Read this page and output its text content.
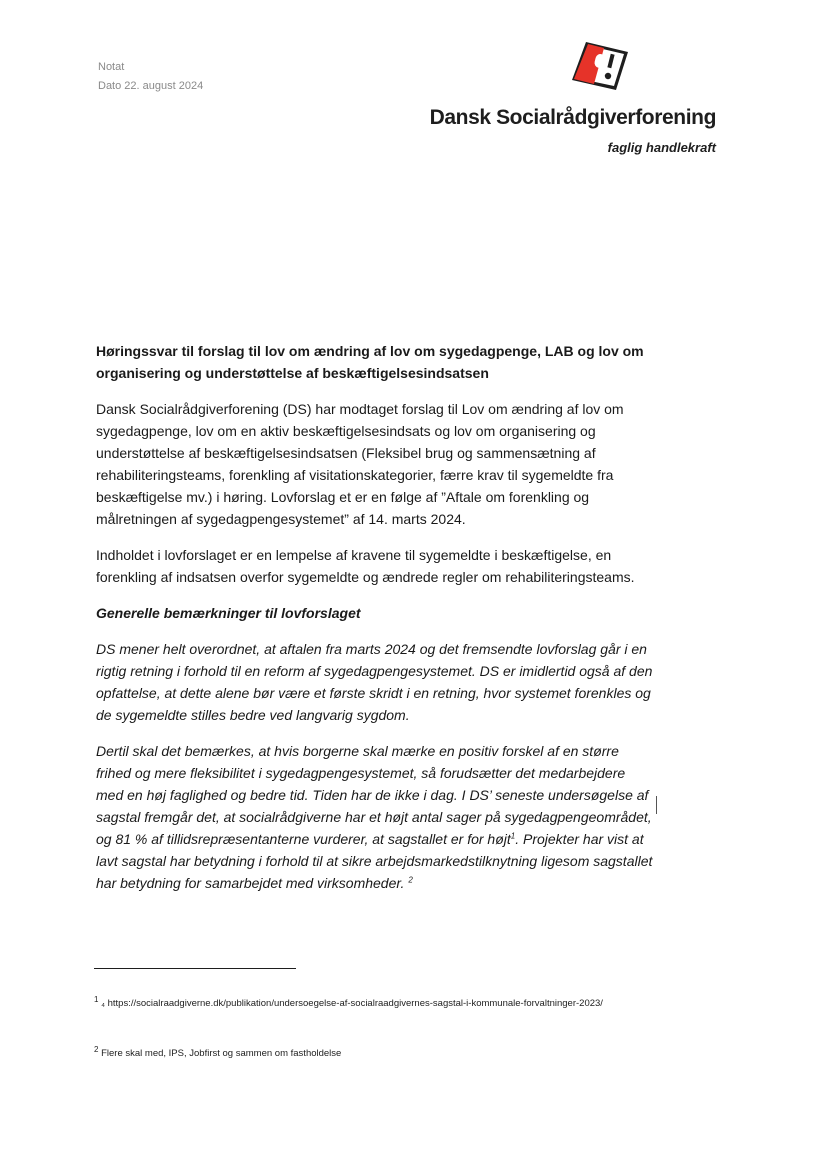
Notat
Dato 22. august 2024
Dansk Socialrådgiverforening
faglig handlekraft
Høringssvar til forslag til lov om ændring af lov om sygedagpenge, LAB og lov om organisering og understøttelse af beskæftigelsesindsatsen

Dansk Socialrådgiverforening (DS) har modtaget forslag til Lov om ændring af lov om sygedagpenge, lov om en aktiv beskæftigelsesindsats og lov om organisering og understøttelse af beskæftigelsesindsatsen (Fleksibel brug og sammensætning af rehabiliteringsteams, forenkling af visitationskategorier, færre krav til sygemeldte fra beskæftigelse mv.) i høring. Lovforslag et er en følge af ”Aftale om forenkling og målretningen af sygedagpengesystemet” af 14. marts 2024.

Indholdet i lovforslaget er en lempelse af kravene til sygemeldte i beskæftigelse, en forenkling af indsatsen overfor sygemeldte og ændrede regler om rehabiliteringsteams.

Generelle bemærkninger til lovforslaget

DS mener helt overordnet, at aftalen fra marts 2024 og det fremsendte lovforslag går i en rigtig retning i forhold til en reform af sygedagpengesystemet. DS er imidlertid også af den opfattelse, at dette alene bør være et første skridt i en retning, hvor systemet forenkles og de sygemeldte stilles bedre ved langvarig sygdom.

Dertil skal det bemærkes, at hvis borgerne skal mærke en positiv forskel af en større frihed og mere fleksibilitet i sygedagpengesystemet, så forudsætter det medarbejdere med en høj faglighed og bedre tid. Tiden har de ikke i dag. I DS’ seneste undersøgelse af sagstal fremgår det, at socialrådgiverne har et højt antal sager på sygedagpengeområdet, og 81 % af tillidsrepræsentanterne vurderer, at sagstallet er for højt$^1$. Projekter har vist at lavt sagstal har betydning i forhold til at sikre arbejdsmarkedstilknytning ligesom sagstallet har betydning for samarbejdet med virksomheder. $^2$

$^1$ ₄ https://socialraadgiverne.dk/publikation/undersoegelse-af-socialraadgivernes-sagstal-i-kommunale-forvaltninger-2023/
$^2$ Flere skal med, IPS, Jobfirst og sammen om fastholdelse
